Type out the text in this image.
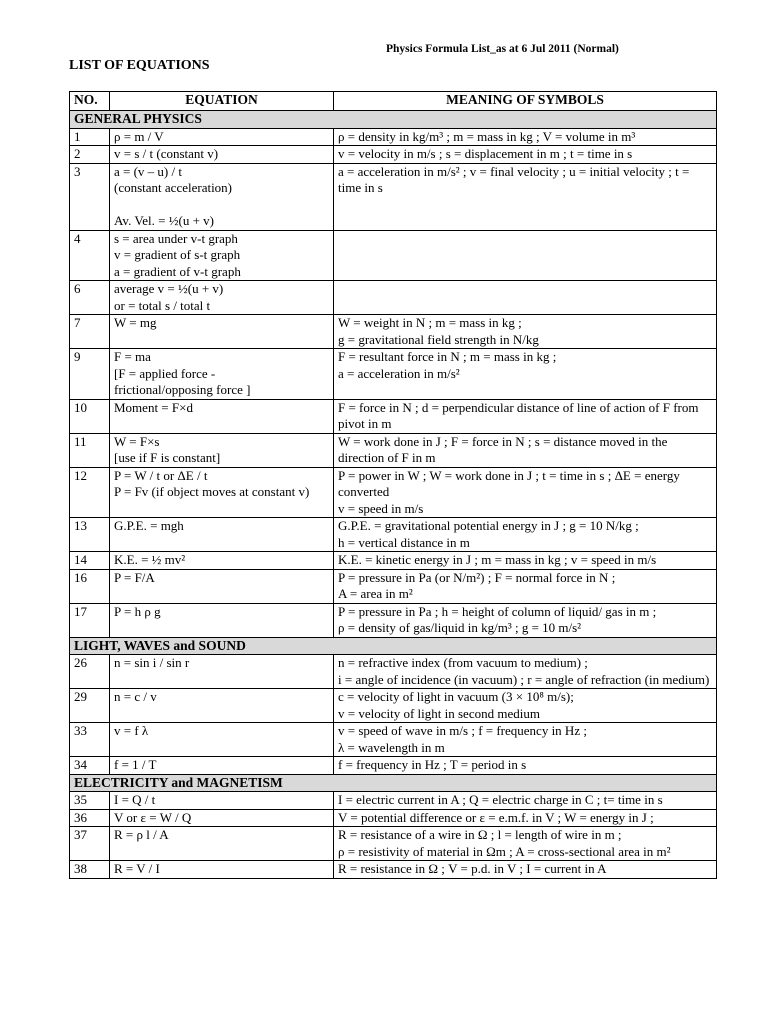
Physics Formula List_as at 6 Jul 2011 (Normal)
LIST OF EQUATIONS
NO.	EQUATION	MEANING OF SYMBOLS
GENERAL PHYSICS		
1	ρ = m / V	ρ = density in kg/m³ ; m = mass in kg ; V = volume in m³

2	v = s / t (constant v)	v = velocity in m/s ; s = displacement in m ; t = time in s

3	a = (v – u) / t
(constant acceleration)
Av. Vel. = ½(u + v)	a = acceleration in m/s² ; v = final velocity ; u = initial velocity ; t = time in s

4	s = area under v-t graph
v = gradient of s-t graph
a = gradient of v-t graph	

6	average v = ½(u + v)
or = total s / total t	

7	W = mg	W = weight in N ; m = mass in kg ;
g = gravitational field strength in N/kg

9	F = ma
[F = applied force -
frictional/opposing force ]	F = resultant force in N ; m = mass in kg ;
a = acceleration in m/s²

10	Moment = F×d	F = force in N ; d = perpendicular distance of line of action of F from pivot in m

11	W = F×s
[use if F is constant]	W = work done in J ; F = force in N ; s = distance moved in the direction of F in m

12	P = W / t or ΔE / t
P = Fv (if object moves at constant v)	P = power in W ; W = work done in J ; t = time in s ; ΔE = energy converted
v = speed in m/s

13	G.P.E. = mgh	G.P.E. = gravitational potential energy in J ; g = 10 N/kg ;
h = vertical distance in m

14	K.E. = ½ mv²	K.E. = kinetic energy in J ; m = mass in kg ; v = speed in m/s

16	P = F/A	P = pressure in Pa (or N/m²) ; F = normal force in N ;
A = area in m²

17	P = h ρ g	P = pressure in Pa ; h = height of column of liquid/ gas in m ;
ρ = density of gas/liquid in kg/m³ ; g = 10 m/s²

LIGHT, WAVES and SOUND		
26	n = sin i / sin r	n = refractive index (from vacuum to medium) ;
i = angle of incidence (in vacuum) ; r = angle of refraction (in medium)

29	n = c / v	c = velocity of light in vacuum (3 × 10⁸ m/s);
v = velocity of light in second medium

33	v = f λ	v = speed of wave in m/s ; f = frequency in Hz ;
λ = wavelength in m

34	f = 1 / T	f = frequency in Hz ; T = period in s

ELECTRICITY and MAGNETISM		
35	I = Q / t	I = electric current in A ; Q = electric charge in C ; t= time in s

36	V or ε = W / Q	V = potential difference or ε = e.m.f. in V ; W = energy in J ;

37	R = ρ l / A	R = resistance of a wire in Ω ; l = length of wire in m ;
ρ = resistivity of material in Ωm ; A = cross-sectional area in m²

38	R = V / I	R = resistance in Ω ; V = p.d. in V ; I = current in A
